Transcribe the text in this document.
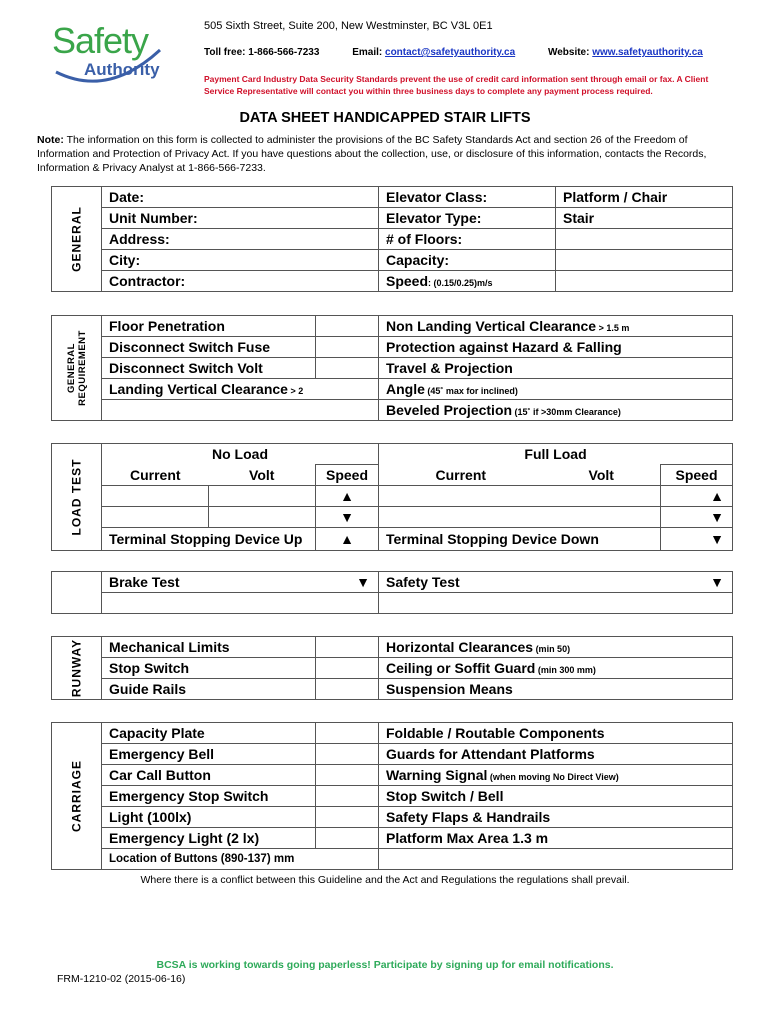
Safety
Authority
505 Sixth Street, Suite 200, New Westminster, BC V3L 0E1
Toll free: 1-866-566-7233	Email: contact@safetyauthority.ca	Website: www.safetyauthority.ca
Payment Card Industry Data Security Standards prevent the use of credit card information sent through email or fax. A Client Service Representative will contact you within three business days to complete any payment process required.
DATA SHEET HANDICAPPED STAIR LIFTS
Note: The information on this form is collected to administer the provisions of the BC Safety Standards Act and section 26 of the Freedom of Information and Protection of Privacy Act. If you have questions about the collection, use, or disclosure of this information, contacts the Records, Information & Privacy Analyst at 1-866-566-7233.
GENERAL	Date:	Elevator Class:	Platform / Chair
	Unit Number:	Elevator Type:	Stair
	Address:	# of Floors:	
	City:	Capacity:	
	Contractor:	Speed: (0.15/0.25)m/s	
GENERAL
REQUIREMENT	Floor Penetration		Non Landing Vertical Clearance > 1.5 m
	Disconnect Switch Fuse		Protection against Hazard & Falling
	Disconnect Switch Volt		Travel & Projection
	Landing Vertical Clearance > 2		Angle (45˚ max for inclined)
			Beveled Projection (15˚ if >30mm Clearance)
LOAD TEST	No Load			Full Load		
	Current	Volt	Speed	Current	Volt	Speed
			▲			▲
			▼			▼
	Terminal Stopping Device Up		▲	Terminal Stopping Device Down		▼
	Brake Test	▼	Safety Test ▼

RUNWAY	Mechanical Limits		Horizontal Clearances (min 50)
	Stop Switch		Ceiling or Soffit Guard (min 300 mm)
	Guide Rails		Suspension Means
CARRIAGE	Capacity Plate		Foldable / Routable Components
	Emergency Bell		Guards for Attendant Platforms
	Car Call Button		Warning Signal (when moving No Direct View)
	Emergency Stop Switch		Stop Switch / Bell
	Light (100lx)		Safety Flaps & Handrails
	Emergency Light (2 lx)		Platform Max Area 1.3 m
	Location of Buttons (890-137) mm		
Where there is a conflict between this Guideline and the Act and Regulations the regulations shall prevail.
BCSA is working towards going paperless! Participate by signing up for email notifications.
FRM-1210-02 (2015-06-16)
